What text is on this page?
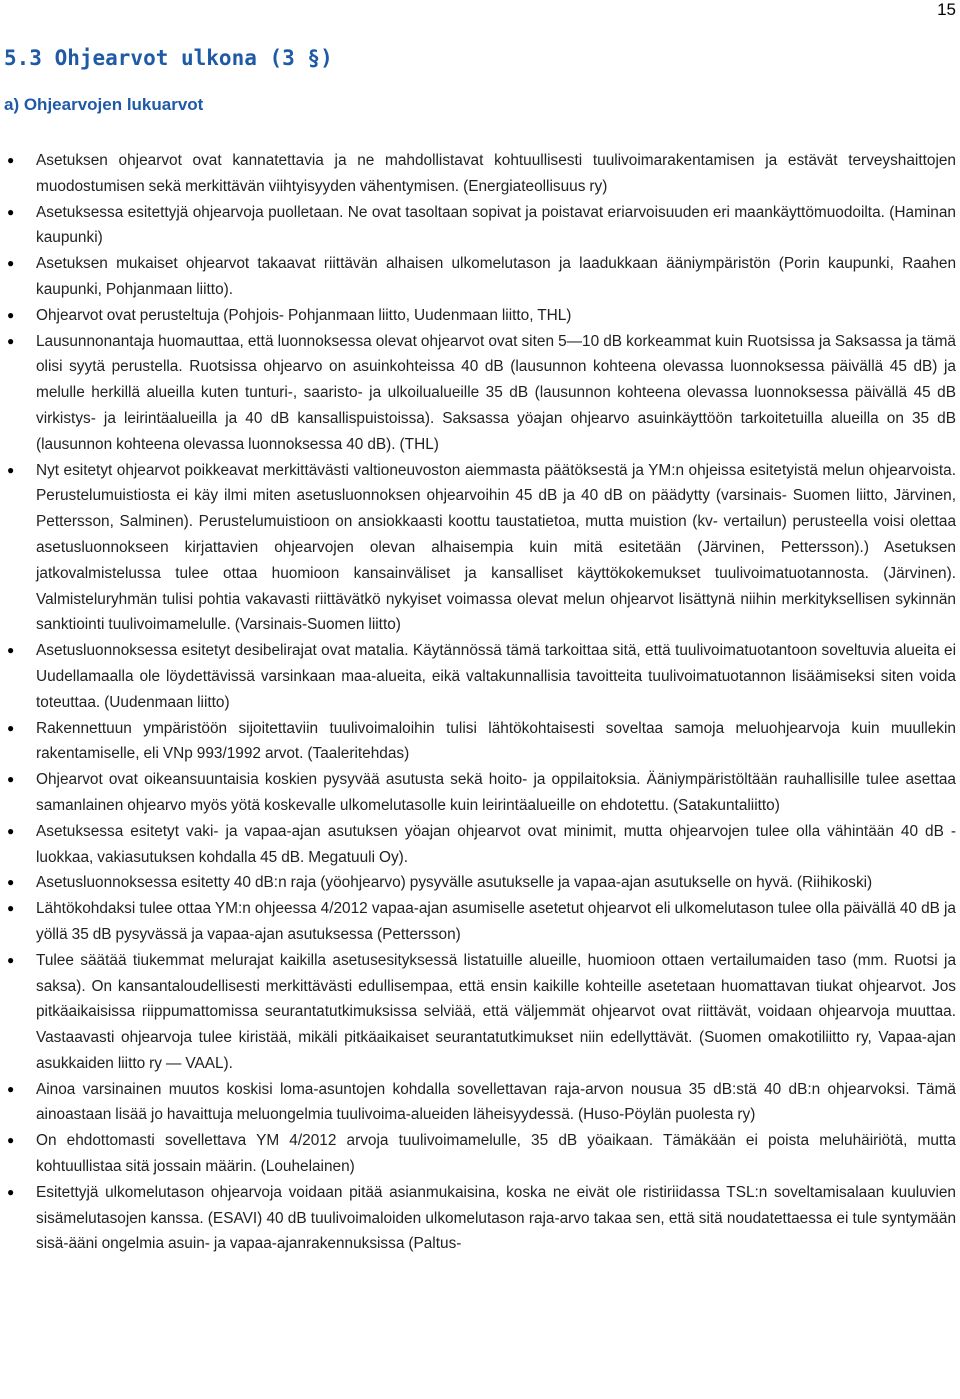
15
5.3 Ohjearvot ulkona (3 §)
a) Ohjearvojen lukuarvot
● Asetuksen ohjearvot ovat kannatettavia ja ne mahdollistavat kohtuullisesti tuulivoimarakentamisen ja estävät terveyshaittojen muodostumisen sekä merkittävän viihtyisyyden vähentymisen. (Energiateollisuus ry)
● Asetuksessa esitettyjä ohjearvoja puolletaan. Ne ovat tasoltaan sopivat ja poistavat eriarvoisuuden eri maankäyttömuodoilta. (Haminan kaupunki)
● Asetuksen mukaiset ohjearvot takaavat riittävän alhaisen ulkomelutason ja laadukkaan ääniympäristön (Porin kaupunki, Raahen kaupunki, Pohjanmaan liitto).
● Ohjearvot ovat perusteltuja (Pohjois- Pohjanmaan liitto, Uudenmaan liitto, THL)
● Lausunnonantaja huomauttaa, että luonnoksessa olevat ohjearvot ovat siten 5—10 dB korkeammat kuin Ruotsissa ja Saksassa ja tämä olisi syytä perustella. Ruotsissa ohjearvo on asuinkohteissa 40 dB (lausunnon kohteena olevassa luonnoksessa päivällä 45 dB) ja melulle herkillä alueilla kuten tunturi-, saaristo- ja ulkoilualueille 35 dB (lausunnon kohteena olevassa luonnoksessa päivällä 45 dB virkistys- ja leirintäalueilla ja 40 dB kansallispuistoissa). Saksassa yöajan ohjearvo asuinkäyttöön tarkoitetuilla alueilla on 35 dB (lausunnon kohteena olevassa luonnoksessa 40 dB). (THL)
● Nyt esitetyt ohjearvot poikkeavat merkittävästi valtioneuvoston aiemmasta päätöksestä ja YM:n ohjeissa esitetyistä melun ohjearvoista. Perustelumuistiosta ei käy ilmi miten asetusluonnoksen ohjearvoihin 45 dB ja 40 dB on päädytty (varsinais- Suomen liitto, Järvinen, Pettersson, Salminen). Perustelumuistioon on ansiokkaasti koottu taustatietoa, mutta muistion (kv- vertailun) perusteella voisi olettaa asetusluonnokseen kirjattavien ohjearvojen olevan alhaisempia kuin mitä esitetään (Järvinen, Pettersson).) Asetuksen jatkovalmistelussa tulee ottaa huomioon kansainväliset ja kansalliset käyttökokemukset tuulivoimatuotannosta. (Järvinen). Valmisteluryhmän tulisi pohtia vakavasti riittävätkö nykyiset voimassa olevat melun ohjearvot lisättynä niihin merkityksellisen sykinnän sanktiointi tuulivoimamelulle. (Varsinais-Suomen liitto)
● Asetusluonnoksessa esitetyt desibelirajat ovat matalia. Käytännössä tämä tarkoittaa sitä, että tuulivoimatuotantoon soveltuvia alueita ei Uudellamaalla ole löydettävissä varsinkaan maa-alueita, eikä valtakunnallisia tavoitteita tuulivoimatuotannon lisäämiseksi siten voida toteuttaa. (Uudenmaan liitto)
● Rakennettuun ympäristöön sijoitettaviin tuulivoimaloihin tulisi lähtökohtaisesti soveltaa samoja meluohjearvoja kuin muullekin rakentamiselle, eli VNp 993/1992 arvot. (Taaleritehdas)
● Ohjearvot ovat oikeansuuntaisia koskien pysyvää asutusta sekä hoito- ja oppilaitoksia. Ääniympäristöltään rauhallisille tulee asettaa samanlainen ohjearvo myös yötä koskevalle ulkomelutasolle kuin leirintäalueille on ehdotettu. (Satakuntaliitto)
● Asetuksessa esitetyt vaki- ja vapaa-ajan asutuksen yöajan ohjearvot ovat minimit, mutta ohjearvojen tulee olla vähintään 40 dB -luokkaa, vakiasutuksen kohdalla 45 dB. Megatuuli Oy).
● Asetusluonnoksessa esitetty 40 dB:n raja (yöohjearvo) pysyvälle asutukselle ja vapaa-ajan asutukselle on hyvä. (Riihikoski)
● Lähtökohdaksi tulee ottaa YM:n ohjeessa 4/2012 vapaa-ajan asumiselle asetetut ohjearvot eli ulkomelutason tulee olla päivällä 40 dB ja yöllä 35 dB pysyvässä ja vapaa-ajan asutuksessa (Pettersson)
● Tulee säätää tiukemmat melurajat kaikilla asetusesityksessä listatuille alueille, huomioon ottaen vertailumaiden taso (mm. Ruotsi ja saksa). On kansantaloudellisesti merkittävästi edullisempaa, että ensin kaikille kohteille asetetaan huomattavan tiukat ohjearvot. Jos pitkäaikaisissa riippumattomissa seurantatutkimuksissa selviää, että väljemmät ohjearvot ovat riittävät, voidaan ohjearvoja muuttaa. Vastaavasti ohjearvoja tulee kiristää, mikäli pitkäaikaiset seurantatutkimukset niin edellyttävät. (Suomen omakotiliitto ry, Vapaa-ajan asukkaiden liitto ry — VAAL).
● Ainoa varsinainen muutos koskisi loma-asuntojen kohdalla sovellettavan raja-arvon nousua 35 dB:stä 40 dB:n ohjearvoksi. Tämä ainoastaan lisää jo havaittuja meluongelmia tuulivoima-alueiden läheisyydessä. (Huso-Pöylän puolesta ry)
● On ehdottomasti sovellettava YM 4/2012 arvoja tuulivoimamelulle, 35 dB yöaikaan. Tämäkään ei poista meluhäiriötä, mutta kohtuullistaa sitä jossain määrin. (Louhelainen)
● Esitettyjä ulkomelutason ohjearvoja voidaan pitää asianmukaisina, koska ne eivät ole ristiriidassa TSL:n soveltamisalaan kuuluvien sisämelutasojen kanssa. (ESAVI) 40 dB tuulivoimaloiden ulkomelutason raja-arvo takaa sen, että sitä noudatettaessa ei tule syntymään sisä-ääni ongelmia asuin- ja vapaa-ajanrakennuksissa (Paltus-
